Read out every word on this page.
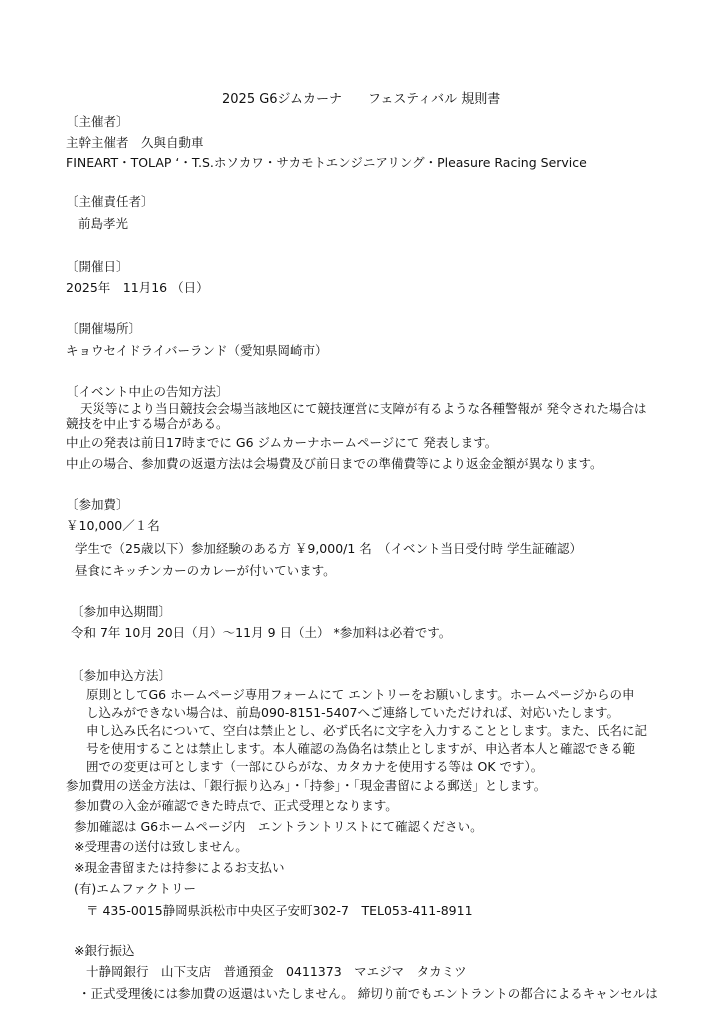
2025 G6ジムカーナ　　フェスティバル 規則書
〔主催者〕
主幹主催者　久與自動車
FINEART・TOLAP ‘・T.S.ホソカワ・サカモトエンジニアリング・Pleasure Racing Service
〔主催責任者〕
前島孝光
〔開催日〕
2025年　11月16 （日）
〔開催場所〕
キョウセイドライバーランド（愛知県岡崎市）
〔イベント中止の告知方法〕
天災等により当日競技会会場当該地区にて競技運営に支障が有るような各種警報が 発令された場合は
競技を中止する場合がある。
中止の発表は前日17時までに G6 ジムカーナホームページにて 発表します。
中止の場合、参加費の返還方法は会場費及び前日までの準備費等により返金金額が異なります。
〔参加費〕
￥10,000／１名
学生で（25歳以下）参加経験のある方 ￥9,000/1 名　（イベント当日受付時 学生証確認）
昼食にキッチンカーのカレーが付いています。
〔参加申込期間〕
令和 7年 10月 20日（月）～11月 9 日（土） *参加料は必着です。
〔参加申込方法〕
原則としてG6 ホームページ専用フォームにて エントリーをお願いします。ホームページからの申
し込みができない場合は、前島090-8151-5407へご連絡していただければ、対応いたします。
申し込み氏名について、空白は禁止とし、必ず氏名に文字を入力することとします。また、氏名に記
号を使用することは禁止します。本人確認の為偽名は禁止としますが、申込者本人と確認できる範
囲での変更は可とします（一部にひらがな、カタカナを使用する等は OK です）。
参加費用の送金方法は、「銀行振り込み」・「持参」・「現金書留による郵送」とします。
参加費の入金が確認できた時点で、正式受理となります。
参加確認は G6ホームページ内　エントラントリストにて確認ください。
※受理書の送付は致しません。
※現金書留または持参によるお支払い
(有)エムファクトリー
〒 435-0015静岡県浜松市中央区子安町302-7　TEL053-411-8911
※銀行振込
十静岡銀行　山下支店　普通預金　0411373　マエジマ　タカミツ
・正式受理後には参加費の返還はいたしません。 締切り前でもエントラントの都合によるキャンセルは
